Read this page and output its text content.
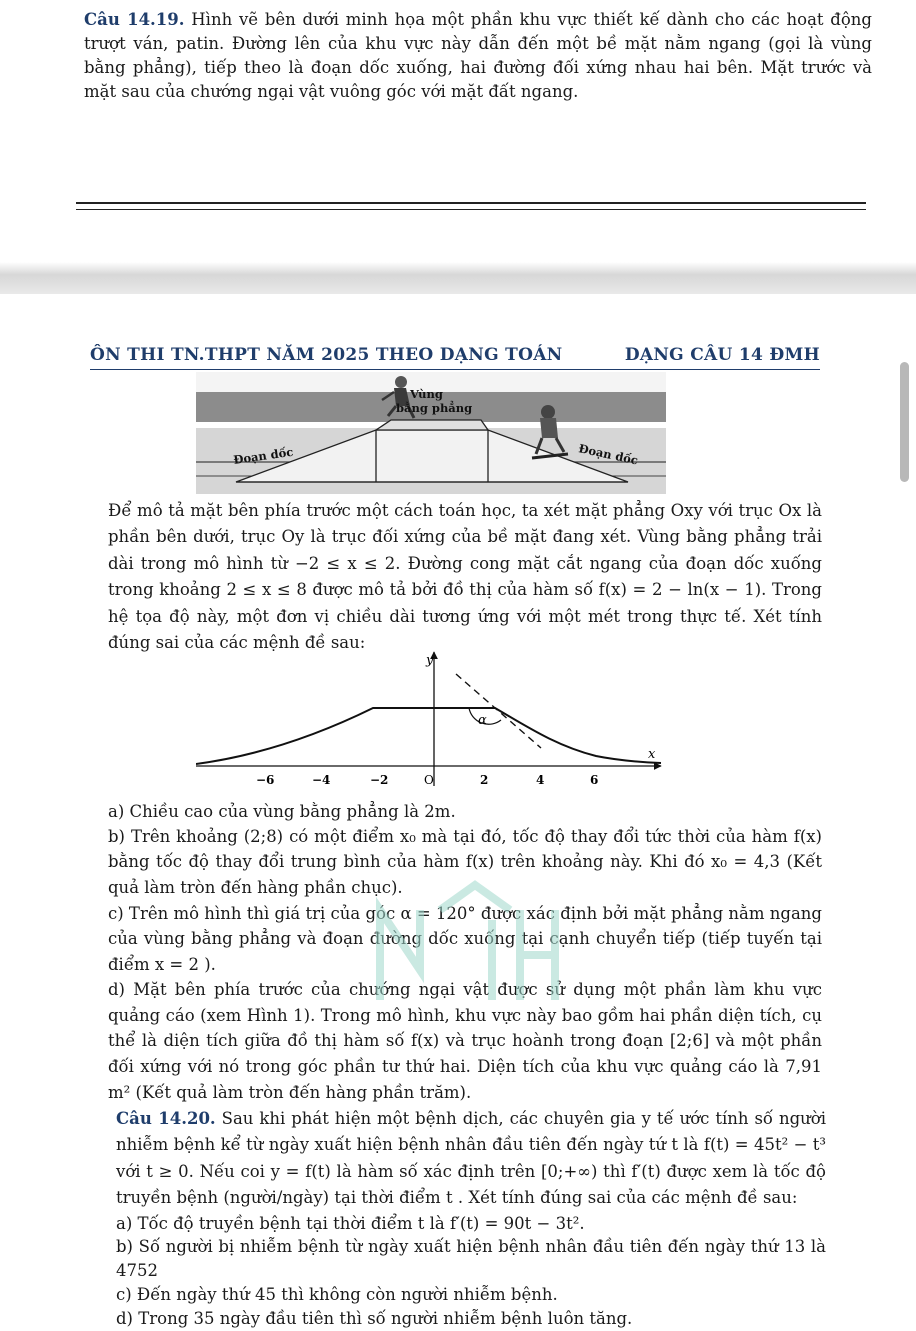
Câu 14.19. Hình vẽ bên dưới minh họa một phần khu vực thiết kế dành cho các hoạt động trượt ván, patin. Đường lên của khu vực này dẫn đến một bề mặt nằm ngang (gọi là vùng bằng phẳng), tiếp theo là đoạn dốc xuống, hai đường đối xứng nhau hai bên. Mặt trước và mặt sau của chướng ngại vật vuông góc với mặt đất ngang.

ÔN THI TN.THPT NĂM 2025 THEO DẠNG TOÁN	DẠNG CÂU 14 ĐMH
Vùng
bằng phẳng
Đoạn dốc	Đoạn dốc

Để mô tả mặt bên phía trước một cách toán học, ta xét mặt phẳng Oxy với trục Ox là phần bên dưới, trục Oy là trục đối xứng của bề mặt đang xét. Vùng bằng phẳng trải dài trong mô hình từ −2 ≤ x ≤ 2. Đường cong mặt cắt ngang của đoạn dốc xuống trong khoảng 2 ≤ x ≤ 8 được mô tả bởi đồ thị của hàm số f(x) = 2 − ln(x − 1). Trong hệ tọa độ này, một đơn vị chiều dài tương ứng với một mét trong thực tế. Xét tính đúng sai của các mệnh đề sau:

α
y
x
O
−6	−4	−2	2	4	6

a) Chiều cao của vùng bằng phẳng là 2m.

b) Trên khoảng (2;8) có một điểm x₀ mà tại đó, tốc độ thay đổi tức thời của hàm f(x) bằng tốc độ thay đổi trung bình của hàm f(x) trên khoảng này. Khi đó x₀ = 4,3 (Kết quả làm tròn đến hàng phần chục).

c) Trên mô hình thì giá trị của góc α = 120° được xác định bởi mặt phẳng nằm ngang của vùng bằng phẳng và đoạn đường dốc xuống tại cạnh chuyển tiếp (tiếp tuyến tại điểm x = 2 ).

d) Mặt bên phía trước của chướng ngại vật được sử dụng một phần làm khu vực quảng cáo (xem Hình 1). Trong mô hình, khu vực này bao gồm hai phần diện tích, cụ thể là diện tích giữa đồ thị hàm số f(x) và trục hoành trong đoạn [2;6] và một phần đối xứng với nó trong góc phần tư thứ hai. Diện tích của khu vực quảng cáo là 7,91 m² (Kết quả làm tròn đến hàng phần trăm).

Câu 14.20. Sau khi phát hiện một bệnh dịch, các chuyên gia y tế ước tính số người nhiễm bệnh kể từ ngày xuất hiện bệnh nhân đầu tiên đến ngày tứ t là f(t) = 45t² − t³ với t ≥ 0. Nếu coi y = f(t) là hàm số xác định trên [0;+∞) thì f′(t) được xem là tốc độ truyền bệnh (người/ngày) tại thời điểm t . Xét tính đúng sai của các mệnh đề sau:

a) Tốc độ truyền bệnh tại thời điểm t là f′(t) = 90t − 3t².

b) Số người bị nhiễm bệnh từ ngày xuất hiện bệnh nhân đầu tiên đến ngày thứ 13 là 4752

c) Đến ngày thứ 45 thì không còn người nhiễm bệnh.

d) Trong 35 ngày đầu tiên thì số người nhiễm bệnh luôn tăng.
